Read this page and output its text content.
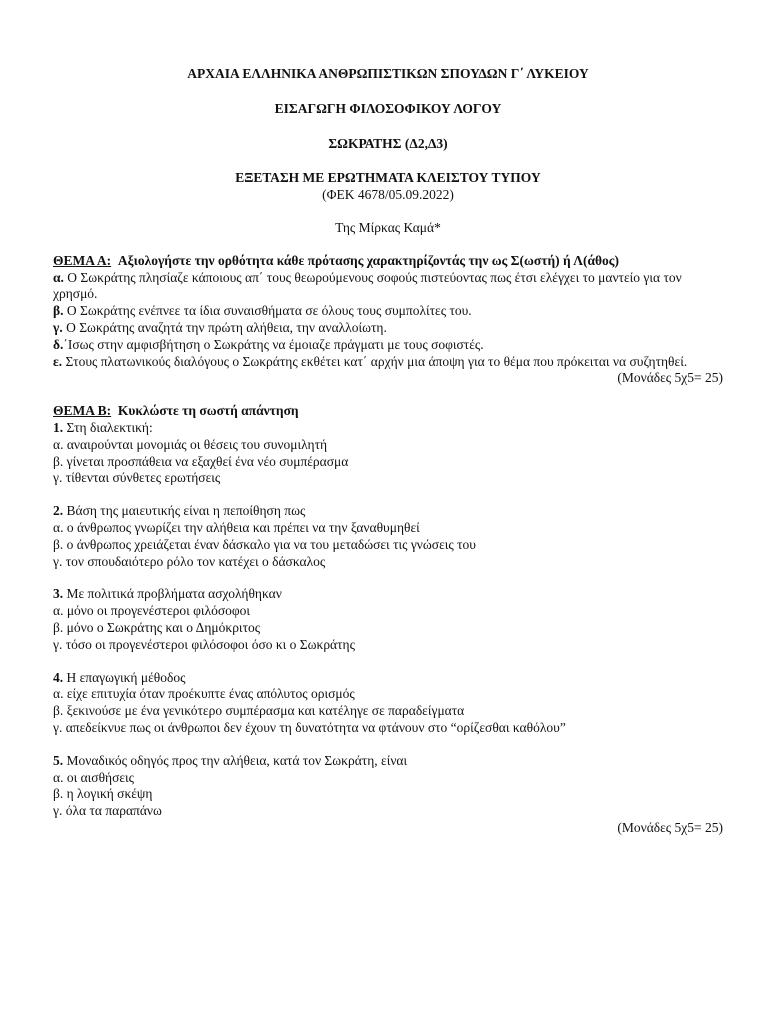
ΑΡΧΑΙΑ ΕΛΛΗΝΙΚΑ ΑΝΘΡΩΠΙΣΤΙΚΩΝ ΣΠΟΥΔΩΝ Γ΄ ΛΥΚΕΙΟΥ
ΕΙΣΑΓΩΓΗ ΦΙΛΟΣΟΦΙΚΟΥ ΛΟΓΟΥ
ΣΩΚΡΑΤΗΣ (Δ2,Δ3)
ΕΞΕΤΑΣΗ ΜΕ ΕΡΩΤΗΜΑΤΑ ΚΛΕΙΣΤΟΥ ΤΥΠΟΥ
(ΦΕΚ 4678/05.09.2022)
Της Μίρκας Καμά*
ΘΕΜΑ Α: Αξιολογήστε την ορθότητα κάθε πρότασης χαρακτηρίζοντάς την ως Σ(ωστή) ή Λ(άθος)
α. Ο Σωκράτης πλησίαζε κάποιους απ΄ τους θεωρούμενους σοφούς πιστεύοντας πως έτσι ελέγχει το μαντείο για τον χρησμό.
β. Ο Σωκράτης ενέπνεε τα ίδια συναισθήματα σε όλους τους συμπολίτες του.
γ. Ο Σωκράτης αναζητά την πρώτη αλήθεια, την αναλλοίωτη.
δ.΄Ισως στην αμφισβήτηση ο Σωκράτης να έμοιαζε πράγματι με τους σοφιστές.
ε. Στους πλατωνικούς διαλόγους ο Σωκράτης εκθέτει κατ΄ αρχήν μια άποψη για το θέμα που πρόκειται να συζητηθεί.
(Μονάδες 5χ5= 25)
ΘΕΜΑ Β: Κυκλώστε τη σωστή απάντηση
1. Στη διαλεκτική:
α. αναιρούνται μονομιάς οι θέσεις του συνομιλητή
β. γίνεται προσπάθεια να εξαχθεί ένα νέο συμπέρασμα
γ. τίθενται σύνθετες ερωτήσεις
2. Βάση της μαιευτικής είναι η πεποίθηση πως
α. ο άνθρωπος γνωρίζει την αλήθεια και πρέπει να την ξαναθυμηθεί
β. ο άνθρωπος χρειάζεται έναν δάσκαλο για να του μεταδώσει τις γνώσεις του
γ. τον σπουδαιότερο ρόλο τον κατέχει ο δάσκαλος
3. Με πολιτικά προβλήματα ασχολήθηκαν
α. μόνο οι προγενέστεροι φιλόσοφοι
β. μόνο ο Σωκράτης και ο Δημόκριτος
γ. τόσο οι προγενέστεροι φιλόσοφοι όσο κι ο Σωκράτης
4. Η επαγωγική μέθοδος
α. είχε επιτυχία όταν προέκυπτε ένας απόλυτος ορισμός
β. ξεκινούσε με ένα γενικότερο συμπέρασμα και κατέληγε σε παραδείγματα
γ. απεδείκνυε πως οι άνθρωποι δεν έχουν τη δυνατότητα να φτάνουν στο “ορίζεσθαι καθόλου”
5. Μοναδικός οδηγός προς την αλήθεια, κατά τον Σωκράτη, είναι
α. οι αισθήσεις
β. η λογική σκέψη
γ. όλα τα παραπάνω
(Μονάδες 5χ5= 25)
